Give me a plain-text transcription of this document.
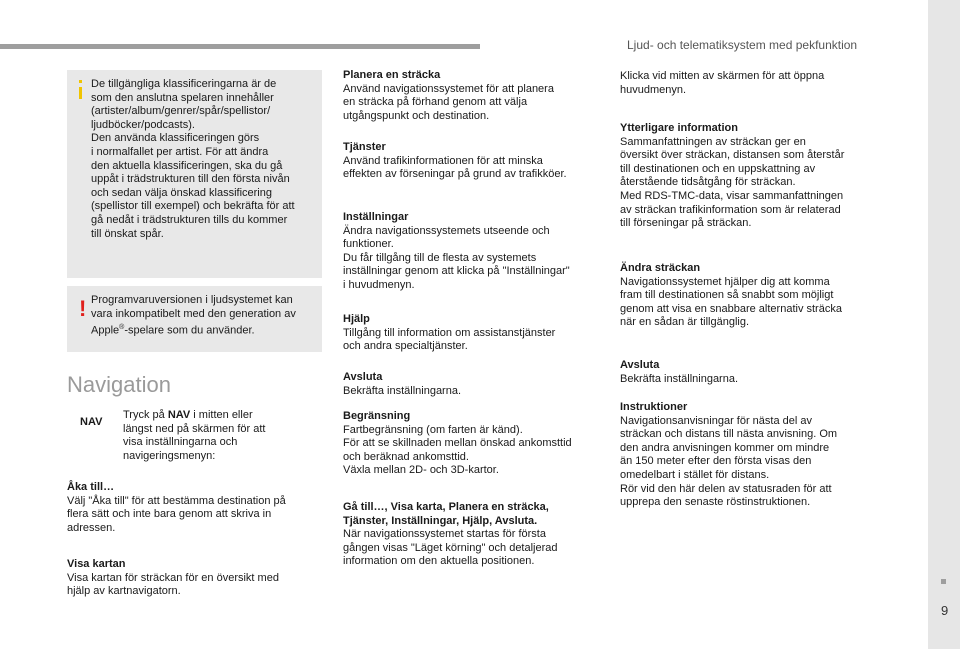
Ljud- och telematiksystem med pekfunktion
9
De tillgängliga klassificeringarna är de
som den anslutna spelaren innehåller
(artister/album/genrer/spår/spellistor/
ljudböcker/podcasts).
Den använda klassificeringen görs
i normalfallet per artist. För att ändra
den aktuella klassificeringen, ska du gå
uppåt i trädstrukturen till den första nivån
och sedan välja önskad klassificering
(spellistor till exempel) och bekräfta för att
gå nedåt i trädstrukturen tills du kommer
till önskat spår.
! Programvaruversionen i ljudsystemet kan
vara inkompatibelt med den generation av
Apple®-spelare som du använder.
Navigation
NAV
Tryck på NAV i mitten eller längst ned på skärmen för att visa inställningarna och navigeringsmenyn:
Åka till…
Välj "Åka till" för att bestämma destination på
flera sätt och inte bara genom att skriva in
adressen.
Visa kartan
Visa kartan för sträckan för en översikt med
hjälp av kartnavigatorn.
Planera en sträcka
Använd navigationssystemet för att planera
en sträcka på förhand genom att välja
utgångspunkt och destination.
Tjänster
Använd trafikinformationen för att minska
effekten av förseningar på grund av trafikköer.
Inställningar
Ändra navigationssystemets utseende och
funktioner.
Du får tillgång till de flesta av systemets
inställningar genom att klicka på "Inställningar"
i huvudmenyn.
Hjälp
Tillgång till information om assistanstjänster
och andra specialtjänster.
Avsluta
Bekräfta inställningarna.
Begränsning
Fartbegränsning (om farten är känd).
För att se skillnaden mellan önskad ankomsttid
och beräknad ankomsttid.
Växla mellan 2D- och 3D-kartor.
Gå till…, Visa karta, Planera en sträcka,
Tjänster, Inställningar, Hjälp, Avsluta.
När navigationssystemet startas för första
gången visas "Läget körning" och detaljerad
information om den aktuella positionen.
Klicka vid mitten av skärmen för att öppna
huvudmenyn.
Ytterligare information
Sammanfattningen av sträckan ger en
översikt över sträckan, distansen som återstår
till destinationen och en uppskattning av
återstående tidsåtgång för sträckan.
Med RDS-TMC-data, visar sammanfattningen
av sträckan trafikinformation som är relaterad
till förseningar på sträckan.
Ändra sträckan
Navigationssystemet hjälper dig att komma
fram till destinationen så snabbt som möjligt
genom att visa en snabbare alternativ sträcka
när en sådan är tillgänglig.
Avsluta
Bekräfta inställningarna.
Instruktioner
Navigationsanvisningar för nästa del av
sträckan och distans till nästa anvisning. Om
den andra anvisningen kommer om mindre
än 150 meter efter den första visas den
omedelbart i stället för distans.
Rör vid den här delen av statusraden för att
upprepa den senaste röstinstruktionen.
